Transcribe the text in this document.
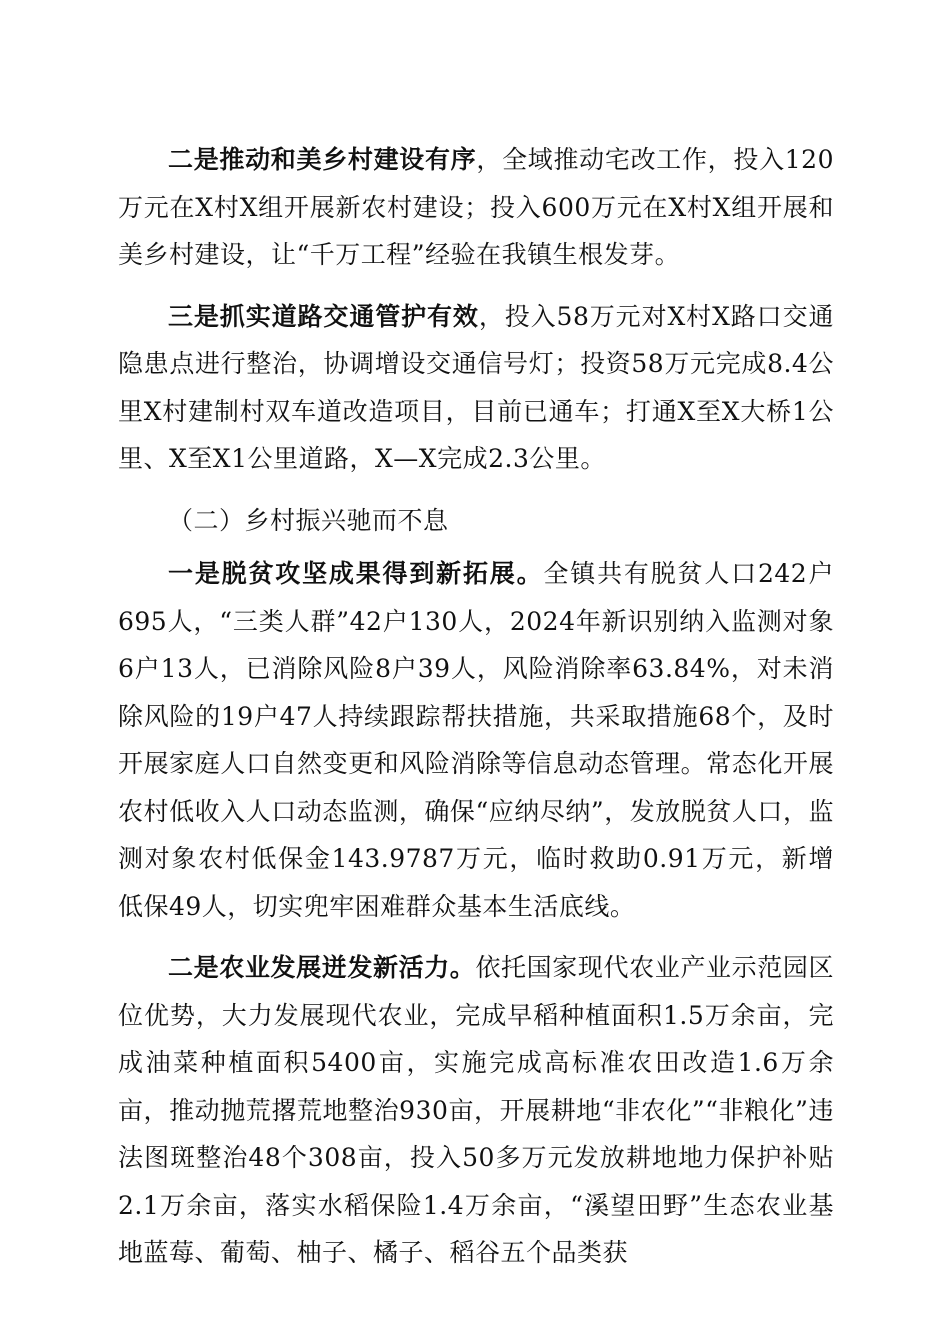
二是推动和美乡村建设有序，全域推动宅改工作，投入120万元在X村X组开展新农村建设；投入600万元在X村X组开展和美乡村建设，让“千万工程”经验在我镇生根发芽。

三是抓实道路交通管护有效，投入58万元对X村X路口交通隐患点进行整治，协调增设交通信号灯；投资58万元完成8.4公里X村建制村双车道改造项目，目前已通车；打通X至X大桥1公里、X至X1公里道路，X—X完成2.3公里。

（二）乡村振兴驰而不息

一是脱贫攻坚成果得到新拓展。全镇共有脱贫人口242户695人，“三类人群”42户130人，2024年新识别纳入监测对象6户13人，已消除风险8户39人，风险消除率63.84%，对未消除风险的19户47人持续跟踪帮扶措施，共采取措施68个，及时开展家庭人口自然变更和风险消除等信息动态管理。常态化开展农村低收入人口动态监测，确保“应纳尽纳”，发放脱贫人口，监测对象农村低保金143.9787万元，临时救助0.91万元，新增低保49人，切实兜牢困难群众基本生活底线。

二是农业发展迸发新活力。依托国家现代农业产业示范园区位优势，大力发展现代农业，完成早稻种植面积1.5万余亩，完成油菜种植面积5400亩，实施完成高标准农田改造1.6万余亩，推动抛荒撂荒地整治930亩，开展耕地“非农化”“非粮化”违法图斑整治48个308亩，投入50多万元发放耕地地力保护补贴2.1万余亩，落实水稻保险1.4万余亩，“溪望田野”生态农业基地蓝莓、葡萄、柚子、橘子、稻谷五个品类获
